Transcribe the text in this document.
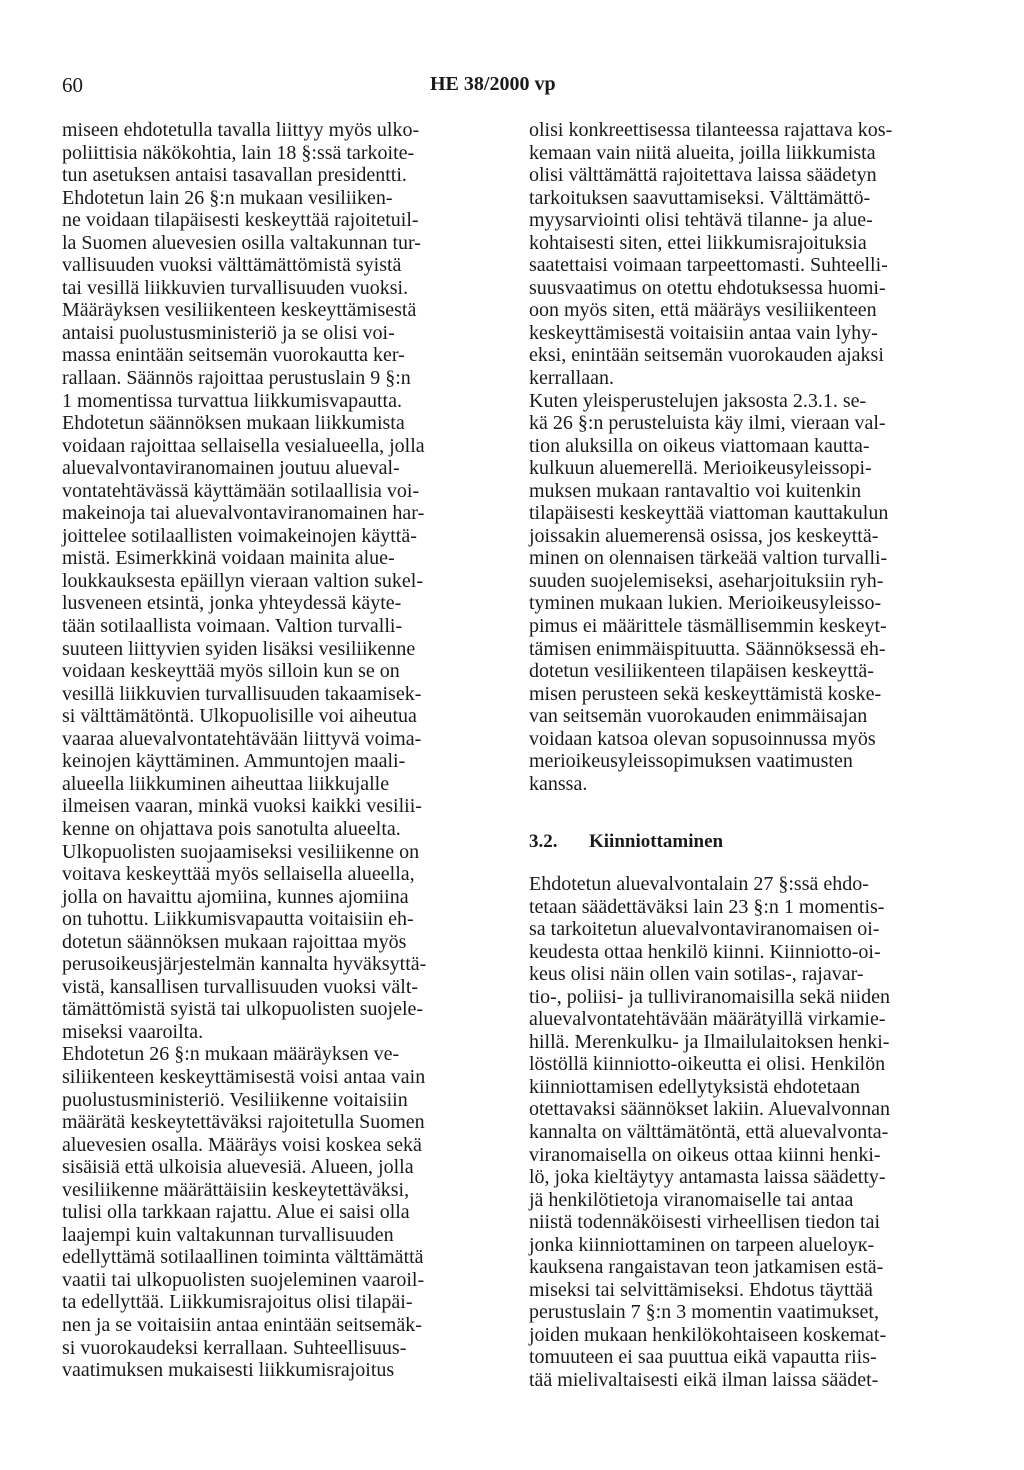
60	HE 38/2000 vp
miseen ehdotetulla tavalla liittyy myös ulko-
poliittisia näkökohtia, lain 18 §:ssä tarkoite-
tun asetuksen antaisi tasavallan presidentti.
Ehdotetun lain 26 §:n mukaan vesiliiken-
ne voidaan tilapäisesti keskeyttää rajoitetuil-
la Suomen aluevesien osilla valtakunnan tur-
vallisuuden vuoksi välttämättömistä syistä
tai vesillä liikkuvien turvallisuuden vuoksi.
Määräyksen vesiliikenteen keskeyttämisestä
antaisi puolustusministeriö ja se olisi voi-
massa enintään seitsemän vuorokautta ker-
rallaan. Säännös rajoittaa perustuslain 9 §:n
1 momentissa turvattua liikkumisvapautta.
Ehdotetun säännöksen mukaan liikkumista
voidaan rajoittaa sellaisella vesialueella, jolla
aluevalvontaviranomainen joutuu alueval-
vontatehtävässä käyttämään sotilaallisia voi-
makeinoja tai aluevalvontaviranomainen har-
joittelee sotilaallisten voimakeinojen käyttä-
mistä. Esimerkkinä voidaan mainita alue-
loukkauksesta epäillyn vieraan valtion sukel-
lusveneen etsintä, jonka yhteydessä käyte-
tään sotilaallista voimaan. Valtion turvalli-
suuteen liittyvien syiden lisäksi vesiliikenne
voidaan keskeyttää myös silloin kun se on
vesillä liikkuvien turvallisuuden takaamisek-
si välttämätöntä. Ulkopuolisille voi aiheutua
vaaraa aluevalvontatehtävään liittyvä voima-
keinojen käyttäminen. Ammuntojen maali-
alueella liikkuminen aiheuttaa liikkujalle
ilmeisen vaaran, minkä vuoksi kaikki vesilii-
kenne on ohjattava pois sanotulta alueelta.
Ulkopuolisten suojaamiseksi vesiliikenne on
voitava keskeyttää myös sellaisella alueella,
jolla on havaittu ajomiina, kunnes ajomiina
on tuhottu. Liikkumisvapautta voitaisiin eh-
dotetun säännöksen mukaan rajoittaa myös
perusoikeusjärjestelmän kannalta hyväksyttä-
vistä, kansallisen turvallisuuden vuoksi vält-
tämättömistä syistä tai ulkopuolisten suojele-
miseksi vaaroilta.
Ehdotetun 26 §:n mukaan määräyksen ve-
siliikenteen keskeyttämisestä voisi antaa vain
puolustusministeriö. Vesiliikenne voitaisiin
määrätä keskeytettäväksi rajoitetulla Suomen
aluevesien osalla. Määräys voisi koskea sekä
sisäisiä että ulkoisia aluevesiä. Alueen, jolla
vesiliikenne määrättäisiin keskeytettäväksi,
tulisi olla tarkkaan rajattu. Alue ei saisi olla
laajempi kuin valtakunnan turvallisuuden
edellyttämä sotilaallinen toiminta välttämättä
vaatii tai ulkopuolisten suojeleminen vaaroil-
ta edellyttää. Liikkumisrajoitus olisi tilapäi-
nen ja se voitaisiin antaa enintään seitsemäk-
si vuorokaudeksi kerrallaan. Suhteellisuus-
vaatimuksen mukaisesti liikkumisrajoitus
olisi konkreettisessa tilanteessa rajattava kos-
kemaan vain niitä alueita, joilla liikkumista
olisi välttämättä rajoitettava laissa säädetyn
tarkoituksen saavuttamiseksi. Välttämättö-
myysarviointi olisi tehtävä tilanne- ja alue-
kohtaisesti siten, ettei liikkumisrajoituksia
saatettaisi voimaan tarpeettomasti. Suhteelli-
suusvaatimus on otettu ehdotuksessa huomi-
oon myös siten, että määräys vesiliikenteen
keskeyttämisestä voitaisiin antaa vain lyhy-
eksi, enintään seitsemän vuorokauden ajaksi
kerrallaan.
Kuten yleisperustelujen jaksosta 2.3.1. se-
kä 26 §:n perusteluista käy ilmi, vieraan val-
tion aluksilla on oikeus viattomaan kautta-
kulkuun aluemerellä. Merioikeusyleissopi-
muksen mukaan rantavaltio voi kuitenkin
tilapäisesti keskeyttää viattoman kauttakulun
joissakin aluemerensä osissa, jos keskeyttä-
minen on olennaisen tärkeää valtion turvalli-
suuden suojelemiseksi, aseharjoituksiin ryh-
tyminen mukaan lukien. Merioikeusyleisso-
pimus ei määrittele täsmällisemmin keskeyt-
tämisen enimmäispituutta. Säännöksessä eh-
dotetun vesiliikenteen tilapäisen keskeyttä-
misen perusteen sekä keskeyttämistä koske-
van seitsemän vuorokauden enimmäisajan
voidaan katsoa olevan sopusoinnussa myös
merioikeusyleissopimuksen vaatimusten
kanssa.
3.2. Kiinniottaminen
Ehdotetun aluevalvontalain 27 §:ssä ehdo-
tetaan säädettäväksi lain 23 §:n 1 momentis-
sa tarkoitetun aluevalvontaviranomaisen oi-
keudesta ottaa henkilö kiinni. Kiinniotto-oi-
keus olisi näin ollen vain sotilas-, rajavar-
tio-, poliisi- ja tulliviranomaisilla sekä niiden
aluevalvontatehtävään määrätyillä virkamie-
hillä. Merenkulku- ja Ilmailulaitoksen henki-
löstöllä kiinniotto-oikeutta ei olisi. Henkilön
kiinniottamisen edellytyksistä ehdotetaan
otettavaksi säännökset lakiin. Aluevalvonnan
kannalta on välttämätöntä, että aluevalvonta-
viranomaisella on oikeus ottaa kiinni henki-
lö, joka kieltäytyy antamasta laissa säädetty-
jä henkilötietoja viranomaiselle tai antaa
niistä todennäköisesti virheellisen tiedon tai
jonka kiinniottaminen on tarpeen alueloук-
kauksena rangaistavan teon jatkamisen estä-
miseksi tai selvittämiseksi. Ehdotus täyttää
perustuslain 7 §:n 3 momentin vaatimukset,
joiden mukaan henkilökohtaiseen koskemat-
tomuuteen ei saa puuttua eikä vapautta riis-
tää mielivaltaisesti eikä ilman laissa säädet-
